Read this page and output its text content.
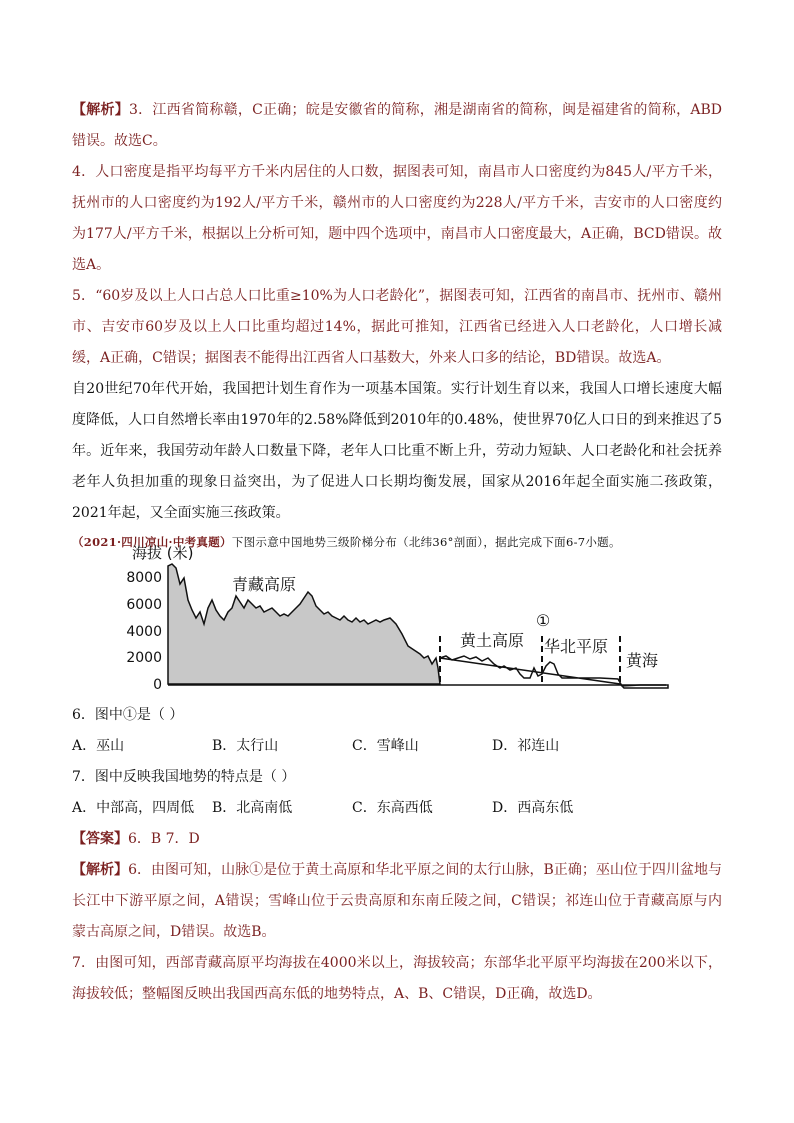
【解析】3．江西省简称赣，C正确；皖是安徽省的简称，湘是湖南省的简称，闽是福建省的简称，ABD错误。故选C。

4．人口密度是指平均每平方千米内居住的人口数，据图表可知，南昌市人口密度约为845人/平方千米，抚州市的人口密度约为192人/平方千米，赣州市的人口密度约为228人/平方千米，吉安市的人口密度约为177人/平方千米，根据以上分析可知，题中四个选项中，南昌市人口密度最大，A正确，BCD错误。故选A。

5．“60岁及以上人口占总人口比重≥10%为人口老龄化”，据图表可知，江西省的南昌市、抚州市、赣州市、吉安市60岁及以上人口比重均超过14%，据此可推知，江西省已经进入人口老龄化，人口增长减缓，A正确，C错误；据图表不能得出江西省人口基数大，外来人口多的结论，BD错误。故选A。

自20世纪70年代开始，我国把计划生育作为一项基本国策。实行计划生育以来，我国人口增长速度大幅度降低，人口自然增长率由1970年的2.58%降低到2010年的0.48%，使世界70亿人口日的到来推迟了5年。近年来，我国劳动年龄人口数量下降，老年人口比重不断上升，劳动力短缺、人口老龄化和社会抚养老年人负担加重的现象日益突出，为了促进人口长期均衡发展，国家从2016年起全面实施二孩政策，2021年起，又全面实施三孩政策。

（2021·四川凉山·中考真题）下图示意中国地势三级阶梯分布（北纬36°剖面），据此完成下面6-7小题。

海拔 (米)
8000
6000
4000
2000
0
青藏高原
黄土高原
①
华北平原
黄海

6．图中①是（ ）

A．巫山	B．太行山	C．雪峰山	D．祁连山

7．图中反映我国地势的特点是（ ）

A．中部高，四周低	B．北高南低	C．东高西低	D．西高东低

【答案】6．B 7．D

【解析】6．由图可知，山脉①是位于黄土高原和华北平原之间的太行山脉，B正确；巫山位于四川盆地与长江中下游平原之间，A错误；雪峰山位于云贵高原和东南丘陵之间，C错误；祁连山位于青藏高原与内蒙古高原之间，D错误。故选B。

7．由图可知，西部青藏高原平均海拔在4000米以上，海拔较高；东部华北平原平均海拔在200米以下，海拔较低；整幅图反映出我国西高东低的地势特点，A、B、C错误，D正确，故选D。
